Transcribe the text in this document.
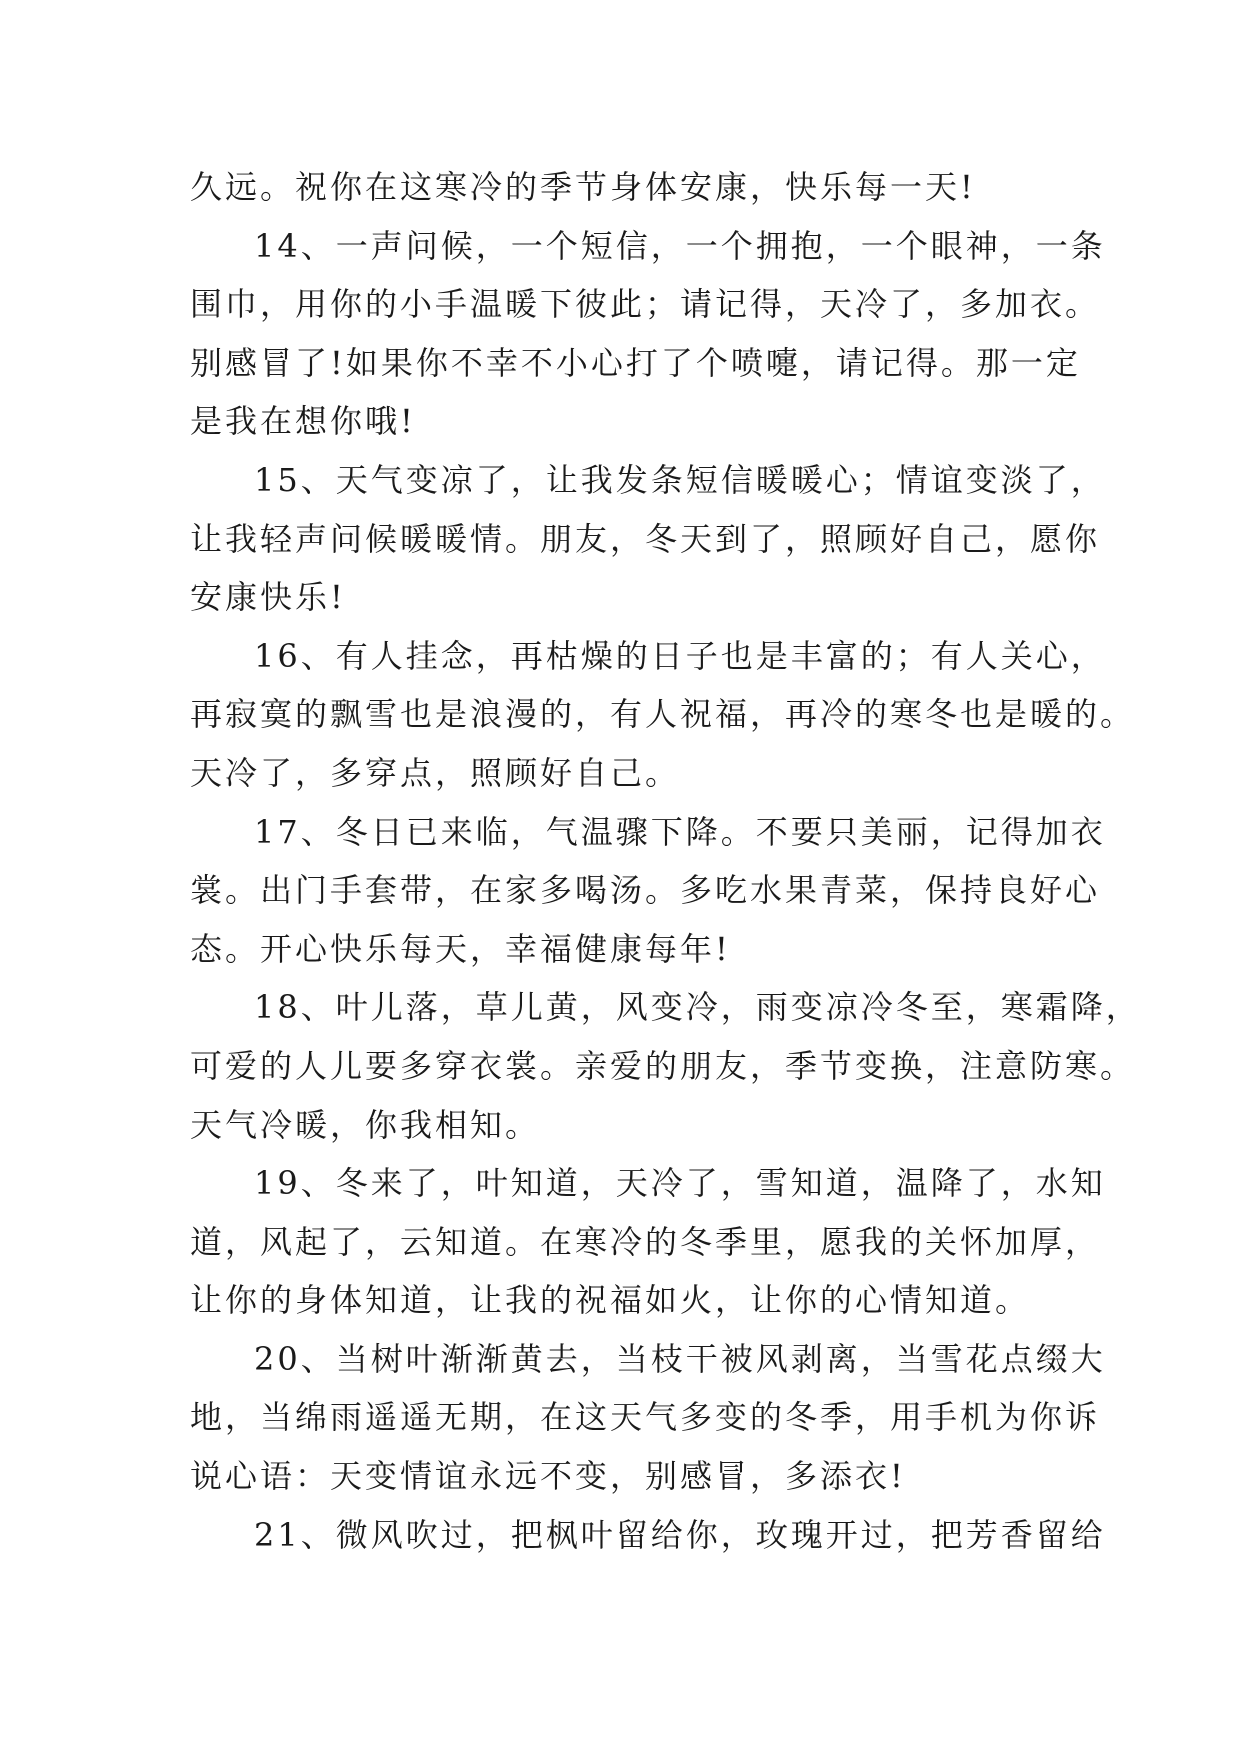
久远。祝你在这寒冷的季节身体安康，快乐每一天!
14、一声问候，一个短信，一个拥抱，一个眼神，一条
围巾，用你的小手温暖下彼此；请记得，天冷了，多加衣。
别感冒了!如果你不幸不小心打了个喷嚏，请记得。那一定
是我在想你哦!
15、天气变凉了，让我发条短信暖暖心；情谊变淡了，
让我轻声问候暖暖情。朋友，冬天到了，照顾好自己，愿你
安康快乐!
16、有人挂念，再枯燥的日子也是丰富的；有人关心，
再寂寞的飘雪也是浪漫的，有人祝福，再冷的寒冬也是暖的。
天冷了，多穿点，照顾好自己。
17、冬日已来临，气温骤下降。不要只美丽，记得加衣
裳。出门手套带，在家多喝汤。多吃水果青菜，保持良好心
态。开心快乐每天，幸福健康每年!
18、叶儿落，草儿黄，风变冷，雨变凉冷冬至，寒霜降，
可爱的人儿要多穿衣裳。亲爱的朋友，季节变换，注意防寒。
天气冷暖，你我相知。
19、冬来了，叶知道，天冷了，雪知道，温降了，水知
道，风起了，云知道。在寒冷的冬季里，愿我的关怀加厚，
让你的身体知道，让我的祝福如火，让你的心情知道。
20、当树叶渐渐黄去，当枝干被风剥离，当雪花点缀大
地，当绵雨遥遥无期，在这天气多变的冬季，用手机为你诉
说心语：天变情谊永远不变，别感冒，多添衣!
21、微风吹过，把枫叶留给你，玫瑰开过，把芳香留给
